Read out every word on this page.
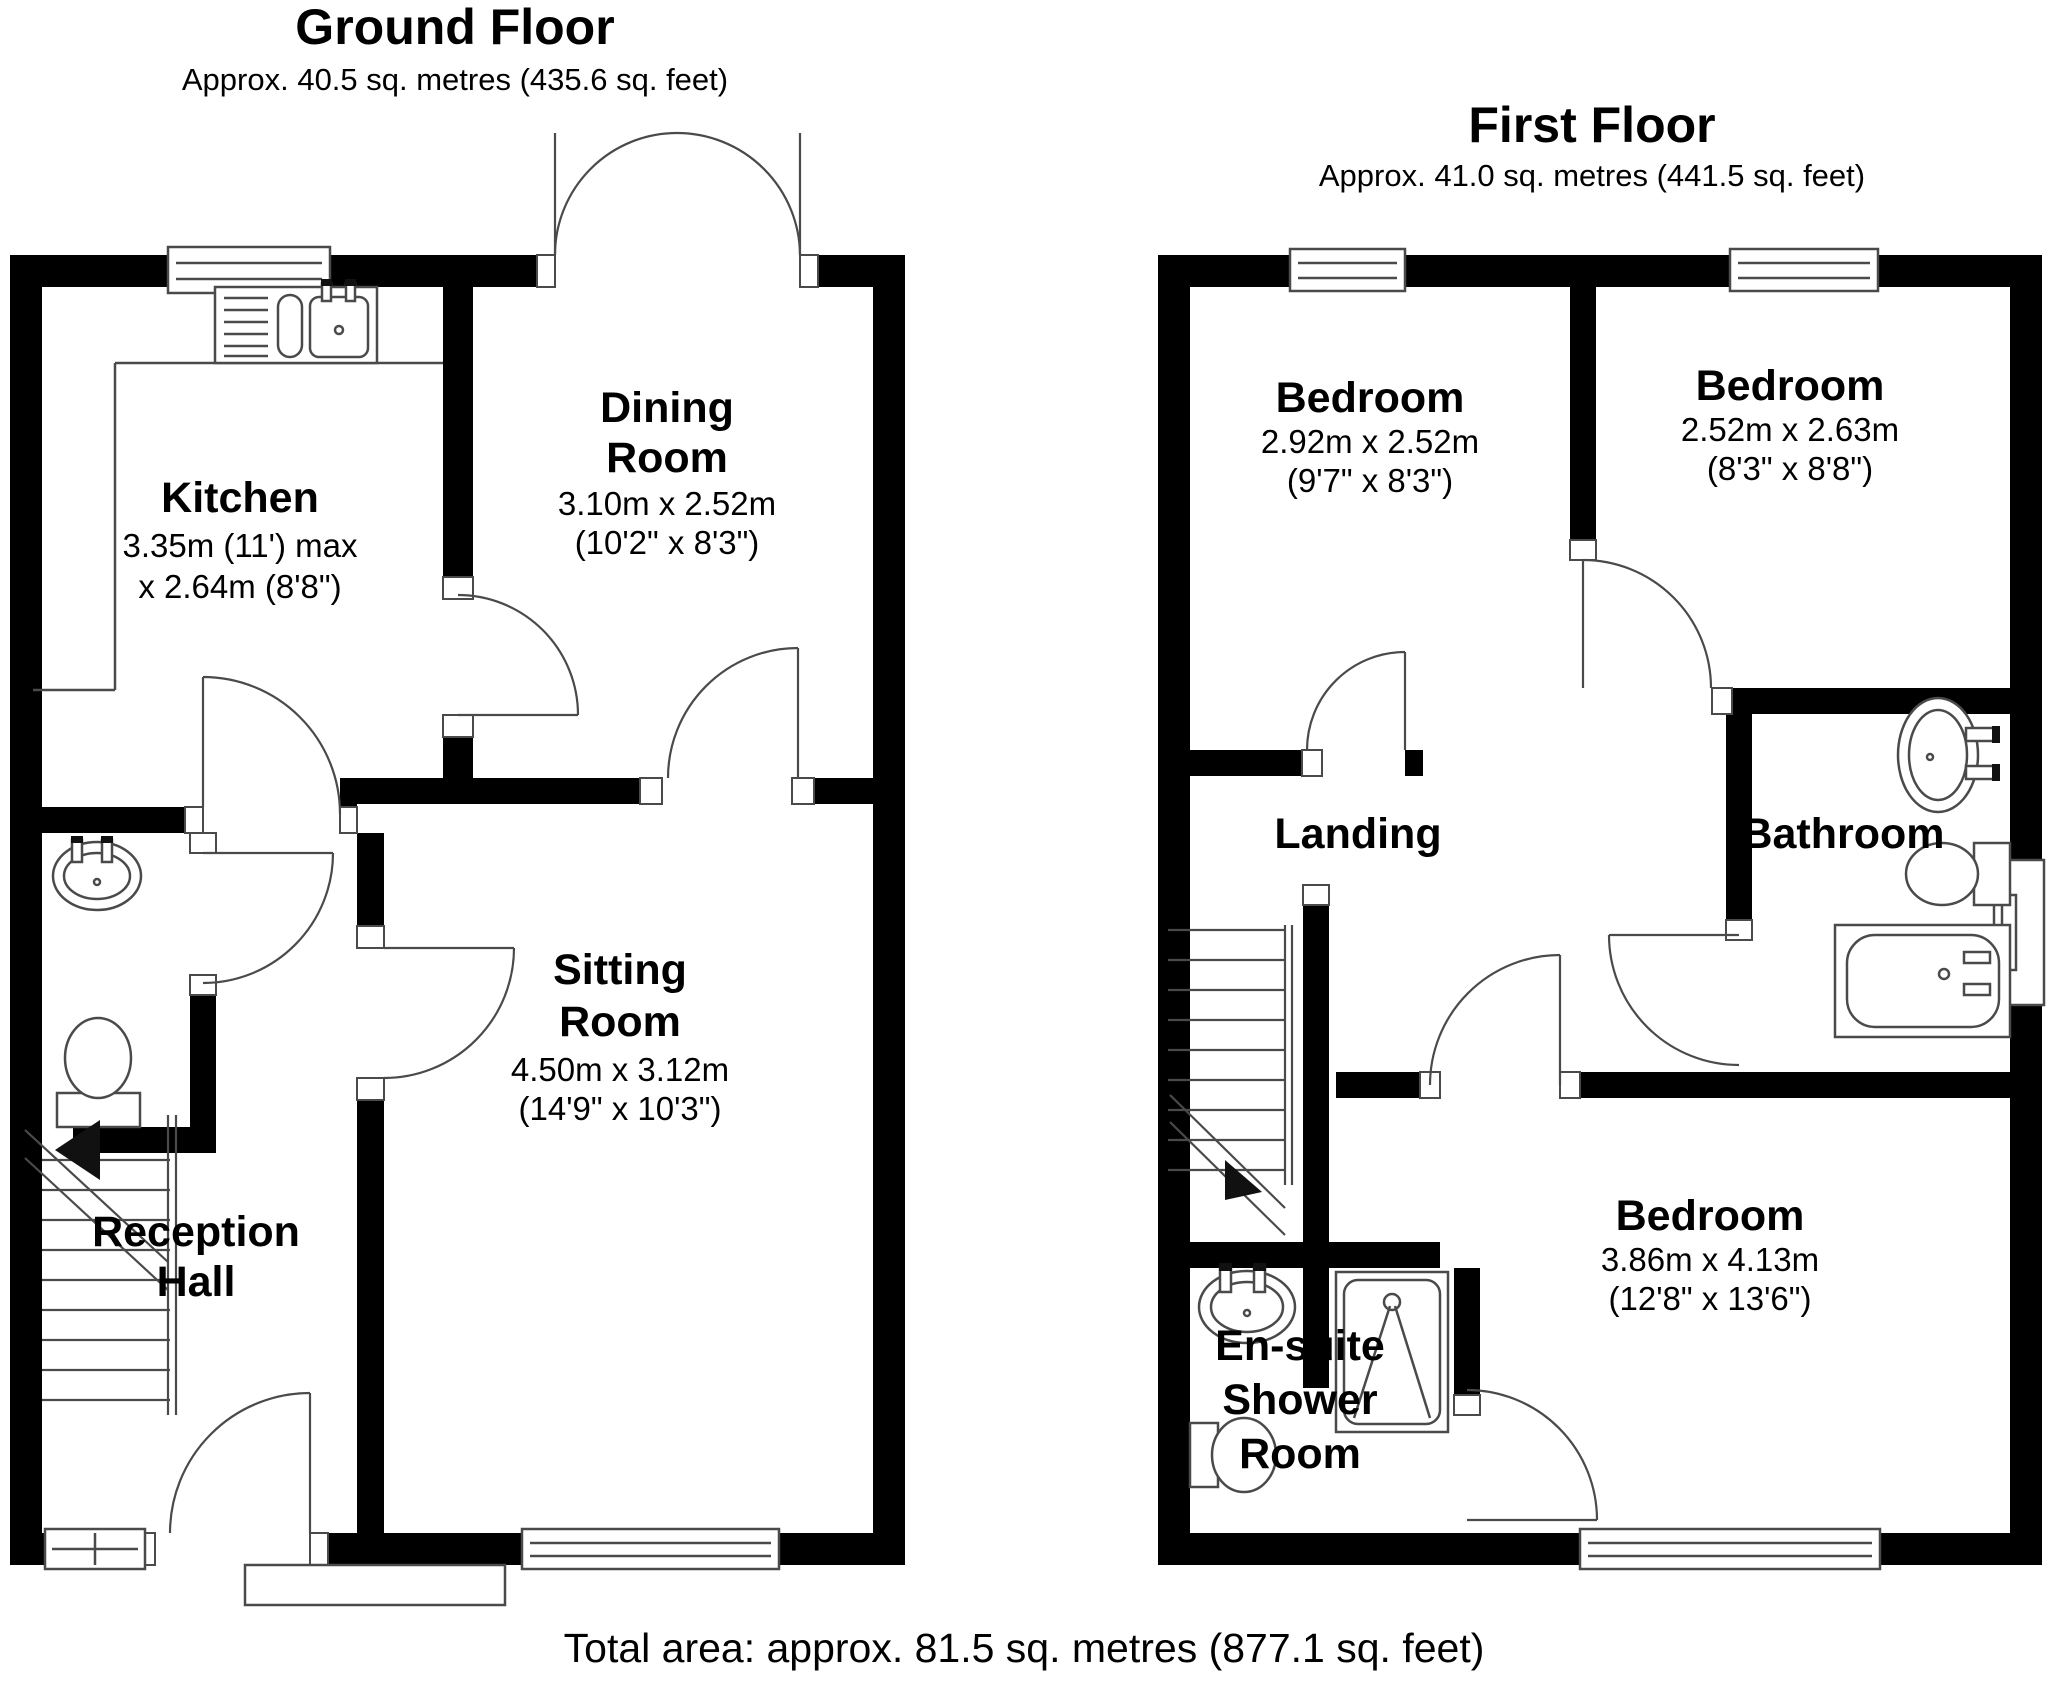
Kitchen
3.35m (11') max
x 2.64m (8'8")
Dining
Room
3.10m x 2.52m
(10'2" x 8'3")
Sitting
Room
4.50m x 3.12m
(14'9" x 10'3")
Reception
Hall
Ground Floor
Approx. 40.5 sq. metres (435.6 sq. feet)
Bedroom
2.92m x 2.52m
(9'7" x 8'3")
Bedroom
2.52m x 2.63m
(8'3" x 8'8")
Landing	Bathroom
Bedroom
3.86m x 4.13m
(12'8" x 13'6")
En-suite
Shower
Room
First Floor
Approx. 41.0 sq. metres (441.5 sq. feet)
Total area: approx. 81.5 sq. metres (877.1 sq. feet)
